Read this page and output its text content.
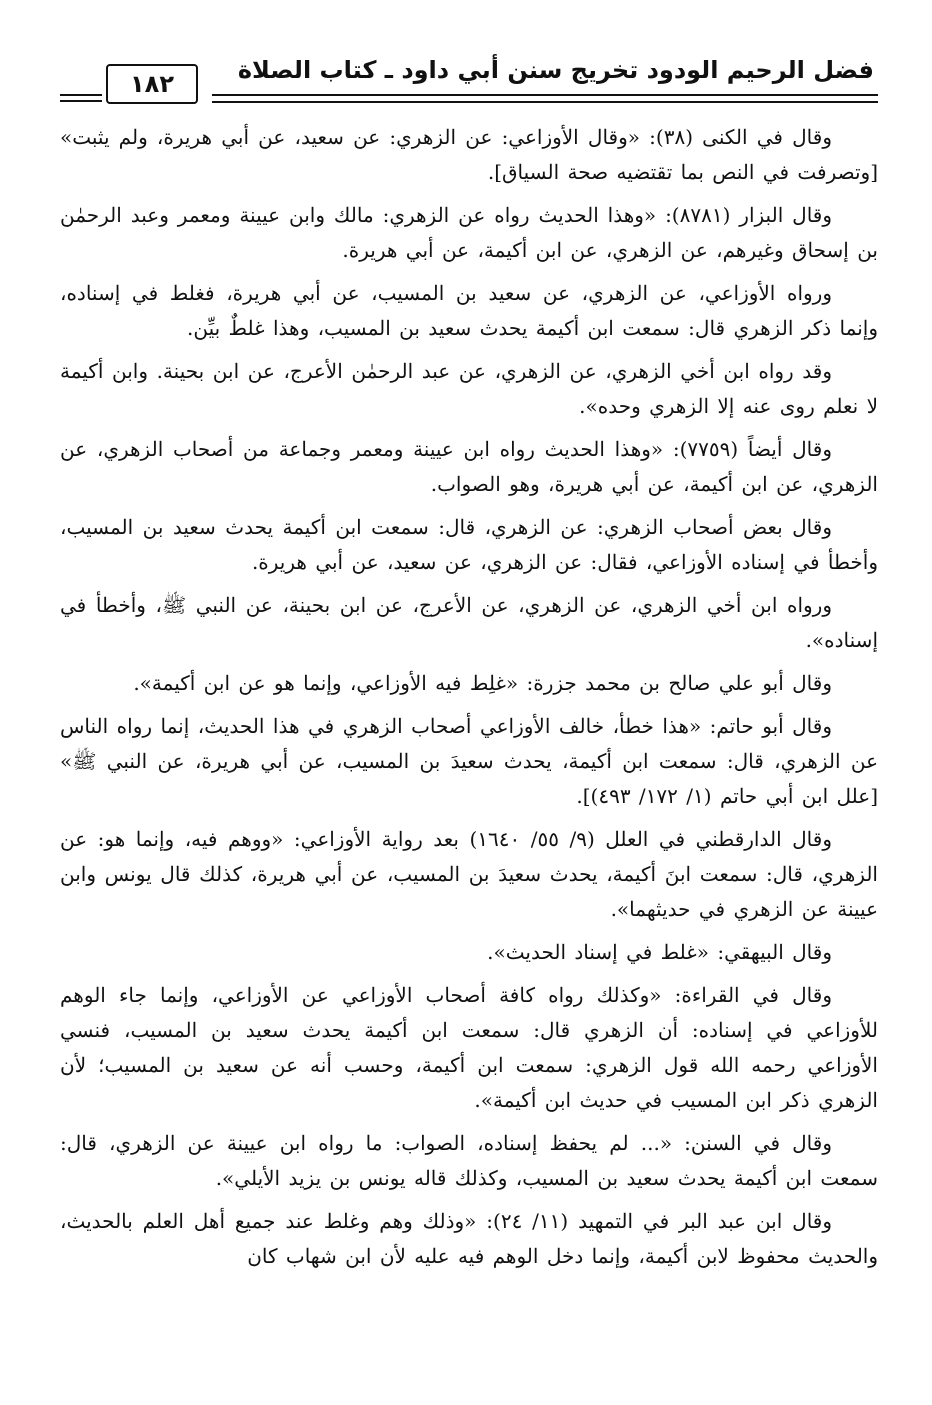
فضل الرحيم الودود تخريج سنن أبي داود ـ كتاب الصلاة
١٨٢

وقال في الكنى (٣٨): «وقال الأوزاعي: عن الزهري: عن سعيد، عن أبي هريرة، ولم يثبت» [وتصرفت في النص بما تقتضيه صحة السياق].

وقال البزار (٨٧٨١): «وهذا الحديث رواه عن الزهري: مالك وابن عيينة ومعمر وعبد الرحمٰن بن إسحاق وغيرهم، عن الزهري، عن ابن أكيمة، عن أبي هريرة.

ورواه الأوزاعي، عن الزهري، عن سعيد بن المسيب، عن أبي هريرة، فغلط في إسناده، وإنما ذكر الزهري قال: سمعت ابن أكيمة يحدث سعيد بن المسيب، وهذا غلطٌ بيِّن.

وقد رواه ابن أخي الزهري، عن الزهري، عن عبد الرحمٰن الأعرج، عن ابن بحينة. وابن أكيمة لا نعلم روى عنه إلا الزهري وحده».

وقال أيضاً (٧٧٥٩): «وهذا الحديث رواه ابن عيينة ومعمر وجماعة من أصحاب الزهري، عن الزهري، عن ابن أكيمة، عن أبي هريرة، وهو الصواب.

وقال بعض أصحاب الزهري: عن الزهري، قال: سمعت ابن أكيمة يحدث سعيد بن المسيب، وأخطأ في إسناده الأوزاعي، فقال: عن الزهري، عن سعيد، عن أبي هريرة.

ورواه ابن أخي الزهري، عن الزهري، عن الأعرج، عن ابن بحينة، عن النبي ﷺ، وأخطأ في إسناده».

وقال أبو علي صالح بن محمد جزرة: «غلِط فيه الأوزاعي، وإنما هو عن ابن أكيمة».

وقال أبو حاتم: «هذا خطأ، خالف الأوزاعي أصحاب الزهري في هذا الحديث، إنما رواه الناس عن الزهري، قال: سمعت ابن أكيمة، يحدث سعيدَ بن المسيب، عن أبي هريرة، عن النبي ﷺ» [علل ابن أبي حاتم (١/ ١٧٢/ ٤٩٣)].

وقال الدارقطني في العلل (٩/ ٥٥/ ١٦٤٠) بعد رواية الأوزاعي: «ووهم فيه، وإنما هو: عن الزهري، قال: سمعت ابنَ أكيمة، يحدث سعيدَ بن المسيب، عن أبي هريرة، كذلك قال يونس وابن عيينة عن الزهري في حديثهما».

وقال البيهقي: «غلط في إسناد الحديث».

وقال في القراءة: «وكذلك رواه كافة أصحاب الأوزاعي عن الأوزاعي، وإنما جاء الوهم للأوزاعي في إسناده: أن الزهري قال: سمعت ابن أكيمة يحدث سعيد بن المسيب، فنسي الأوزاعي رحمه الله قول الزهري: سمعت ابن أكيمة، وحسب أنه عن سعيد بن المسيب؛ لأن الزهري ذكر ابن المسيب في حديث ابن أكيمة».

وقال في السنن: «... لم يحفظ إسناده، الصواب: ما رواه ابن عيينة عن الزهري، قال: سمعت ابن أكيمة يحدث سعيد بن المسيب، وكذلك قاله يونس بن يزيد الأيلي».

وقال ابن عبد البر في التمهيد (١١/ ٢٤): «وذلك وهم وغلط عند جميع أهل العلم بالحديث، والحديث محفوظ لابن أكيمة، وإنما دخل الوهم فيه عليه لأن ابن شهاب كان
